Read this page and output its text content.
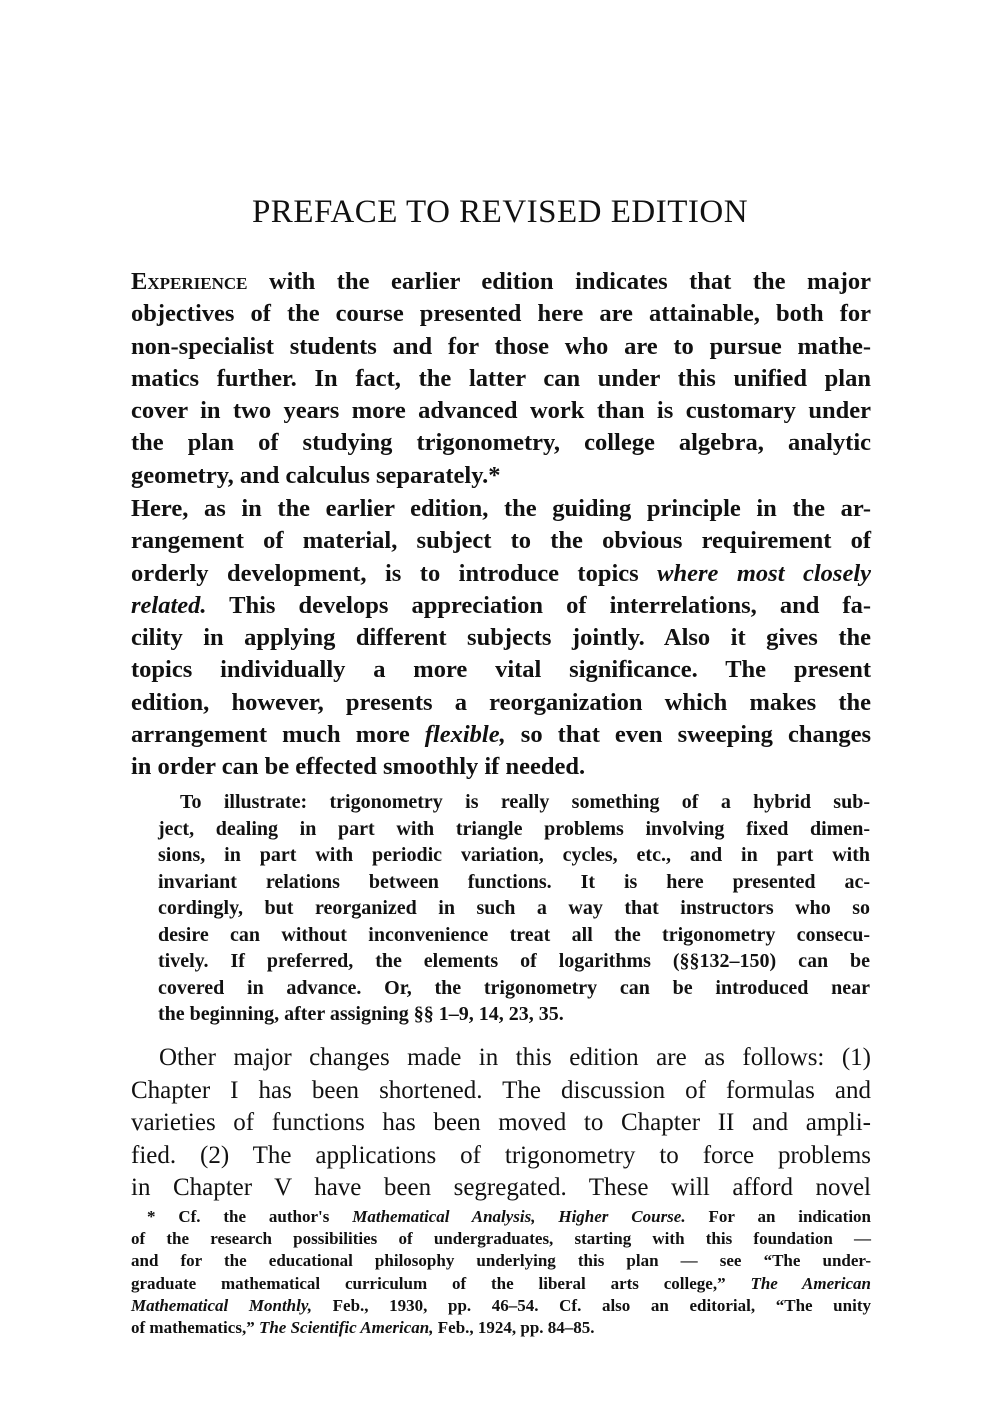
PREFACE TO REVISED EDITION
Experience with the earlier edition indicates that the major
objectives of the course presented here are attainable, both for
non-specialist students and for those who are to pursue mathe-
matics further. In fact, the latter can under this unified plan
cover in two years more advanced work than is customary under
the plan of studying trigonometry, college algebra, analytic
geometry, and calculus separately.*
Here, as in the earlier edition, the guiding principle in the ar-
rangement of material, subject to the obvious requirement of
orderly development, is to introduce topics where most closely
related. This develops appreciation of interrelations, and fa-
cility in applying different subjects jointly. Also it gives the
topics individually a more vital significance. The present
edition, however, presents a reorganization which makes the
arrangement much more flexible, so that even sweeping changes
in order can be effected smoothly if needed.
To illustrate: trigonometry is really something of a hybrid sub-
ject, dealing in part with triangle problems involving fixed dimen-
sions, in part with periodic variation, cycles, etc., and in part with
invariant relations between functions. It is here presented ac-
cordingly, but reorganized in such a way that instructors who so
desire can without inconvenience treat all the trigonometry consecu-
tively. If preferred, the elements of logarithms (§§132–150) can be
covered in advance. Or, the trigonometry can be introduced near
the beginning, after assigning §§ 1–9, 14, 23, 35.
Other major changes made in this edition are as follows: (1)
Chapter I has been shortened. The discussion of formulas and
varieties of functions has been moved to Chapter II and ampli-
fied. (2) The applications of trigonometry to force problems
in Chapter V have been segregated. These will afford novel
* Cf. the author's Mathematical Analysis, Higher Course. For an indication
of the research possibilities of undergraduates, starting with this foundation —
and for the educational philosophy underlying this plan — see “The under-
graduate mathematical curriculum of the liberal arts college,” The American
Mathematical Monthly, Feb., 1930, pp. 46–54. Cf. also an editorial, “The unity
of mathematics,” The Scientific American, Feb., 1924, pp. 84–85.
